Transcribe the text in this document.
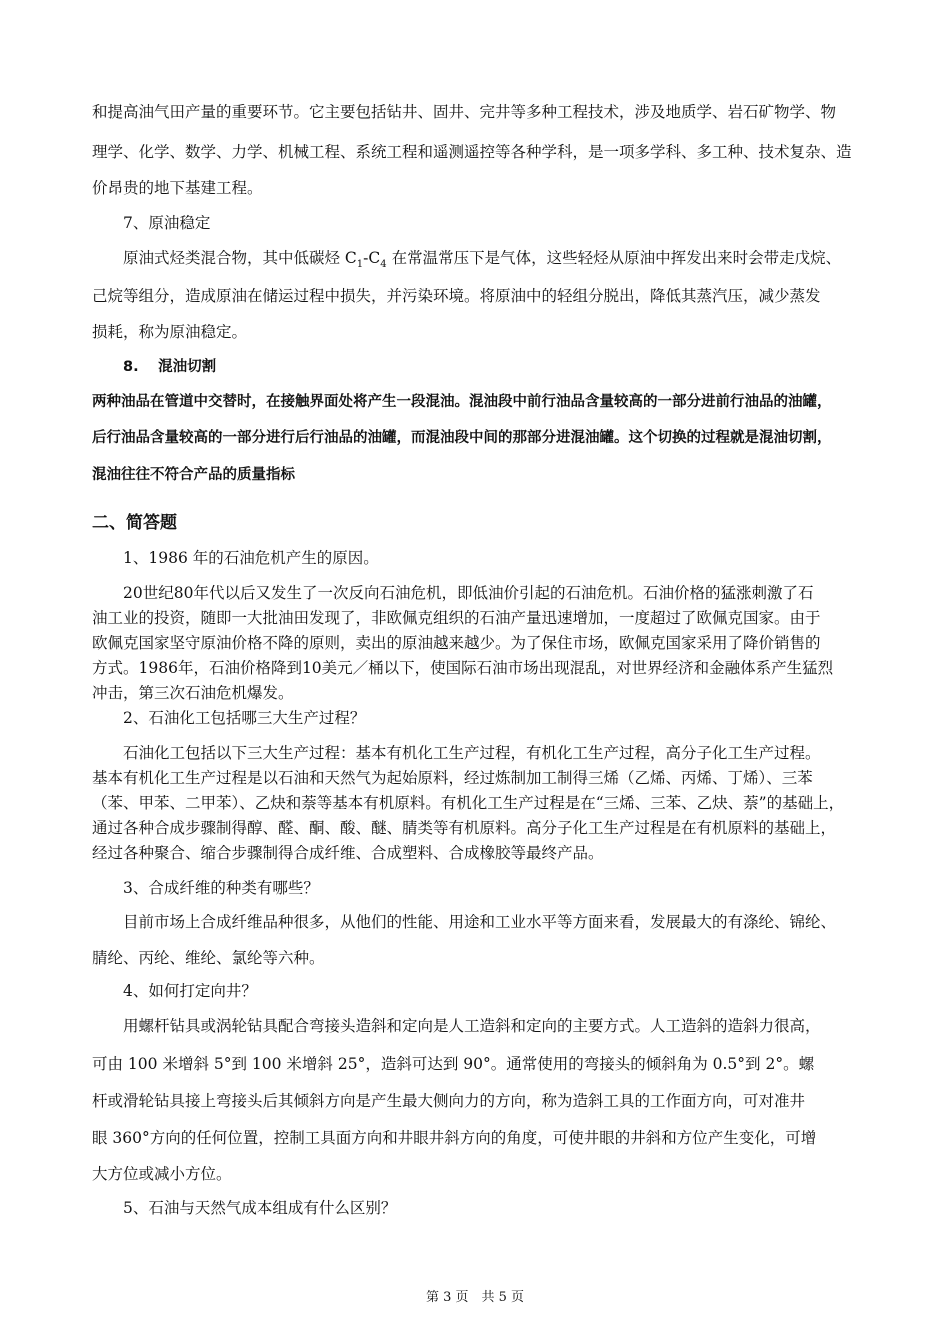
和提高油气田产量的重要环节。它主要包括钻井、固井、完井等多种工程技术，涉及地质学、岩石矿物学、物
理学、化学、数学、力学、机械工程、系统工程和遥测遥控等各种学科，是一项多学科、多工种、技术复杂、造
价昂贵的地下基建工程。
7、原油稳定
原油式烃类混合物，其中低碳烃 $C_1-C_4$ 在常温常压下是气体，这些轻烃从原油中挥发出来时会带走戊烷、
己烷等组分，造成原油在储运过程中损失，并污染环境。将原油中的轻组分脱出，降低其蒸汽压，减少蒸发
损耗，称为原油稳定。
8.　 混油切割
两种油品在管道中交替时，在接触界面处将产生一段混油。混油段中前行油品含量较高的一部分进前行油品的油罐，
后行油品含量较高的一部分进行后行油品的油罐，而混油段中间的那部分进混油罐。这个切换的过程就是混油切割，
混油往往不符合产品的质量指标
二、简答题
1、1986 年的石油危机产生的原因。
20世纪80年代以后又发生了一次反向石油危机，即低油价引起的石油危机。石油价格的猛涨刺激了石
油工业的投资，随即一大批油田发现了，非欧佩克组织的石油产量迅速增加，一度超过了欧佩克国家。由于
欧佩克国家坚守原油价格不降的原则，卖出的原油越来越少。为了保住市场，欧佩克国家采用了降价销售的
方式。1986年，石油价格降到10美元／桶以下，使国际石油市场出现混乱，对世界经济和金融体系产生猛烈
冲击，第三次石油危机爆发。
2、石油化工包括哪三大生产过程？
石油化工包括以下三大生产过程：基本有机化工生产过程，有机化工生产过程，高分子化工生产过程。
基本有机化工生产过程是以石油和天然气为起始原料，经过炼制加工制得三烯（乙烯、丙烯、丁烯）、三苯
（苯、甲苯、二甲苯）、乙炔和萘等基本有机原料。有机化工生产过程是在“三烯、三苯、乙炔、萘”的基础上，
通过各种合成步骤制得醇、醛、酮、酸、醚、腈类等有机原料。高分子化工生产过程是在有机原料的基础上，
经过各种聚合、缩合步骤制得合成纤维、合成塑料、合成橡胶等最终产品。
3、合成纤维的种类有哪些？
目前市场上合成纤维品种很多，从他们的性能、用途和工业水平等方面来看，发展最大的有涤纶、锦纶、
腈纶、丙纶、维纶、氯纶等六种。
4、如何打定向井？
用螺杆钻具或涡轮钻具配合弯接头造斜和定向是人工造斜和定向的主要方式。人工造斜的造斜力很高，
可由 100 米增斜 5°到 100 米增斜 25°，造斜可达到 90°。通常使用的弯接头的倾斜角为 0.5°到 2°。螺
杆或滑轮钻具接上弯接头后其倾斜方向是产生最大侧向力的方向，称为造斜工具的工作面方向，可对准井
眼 360°方向的任何位置，控制工具面方向和井眼井斜方向的角度，可使井眼的井斜和方位产生变化，可增
大方位或减小方位。
5、石油与天然气成本组成有什么区别？
第 3 页　共 5 页
